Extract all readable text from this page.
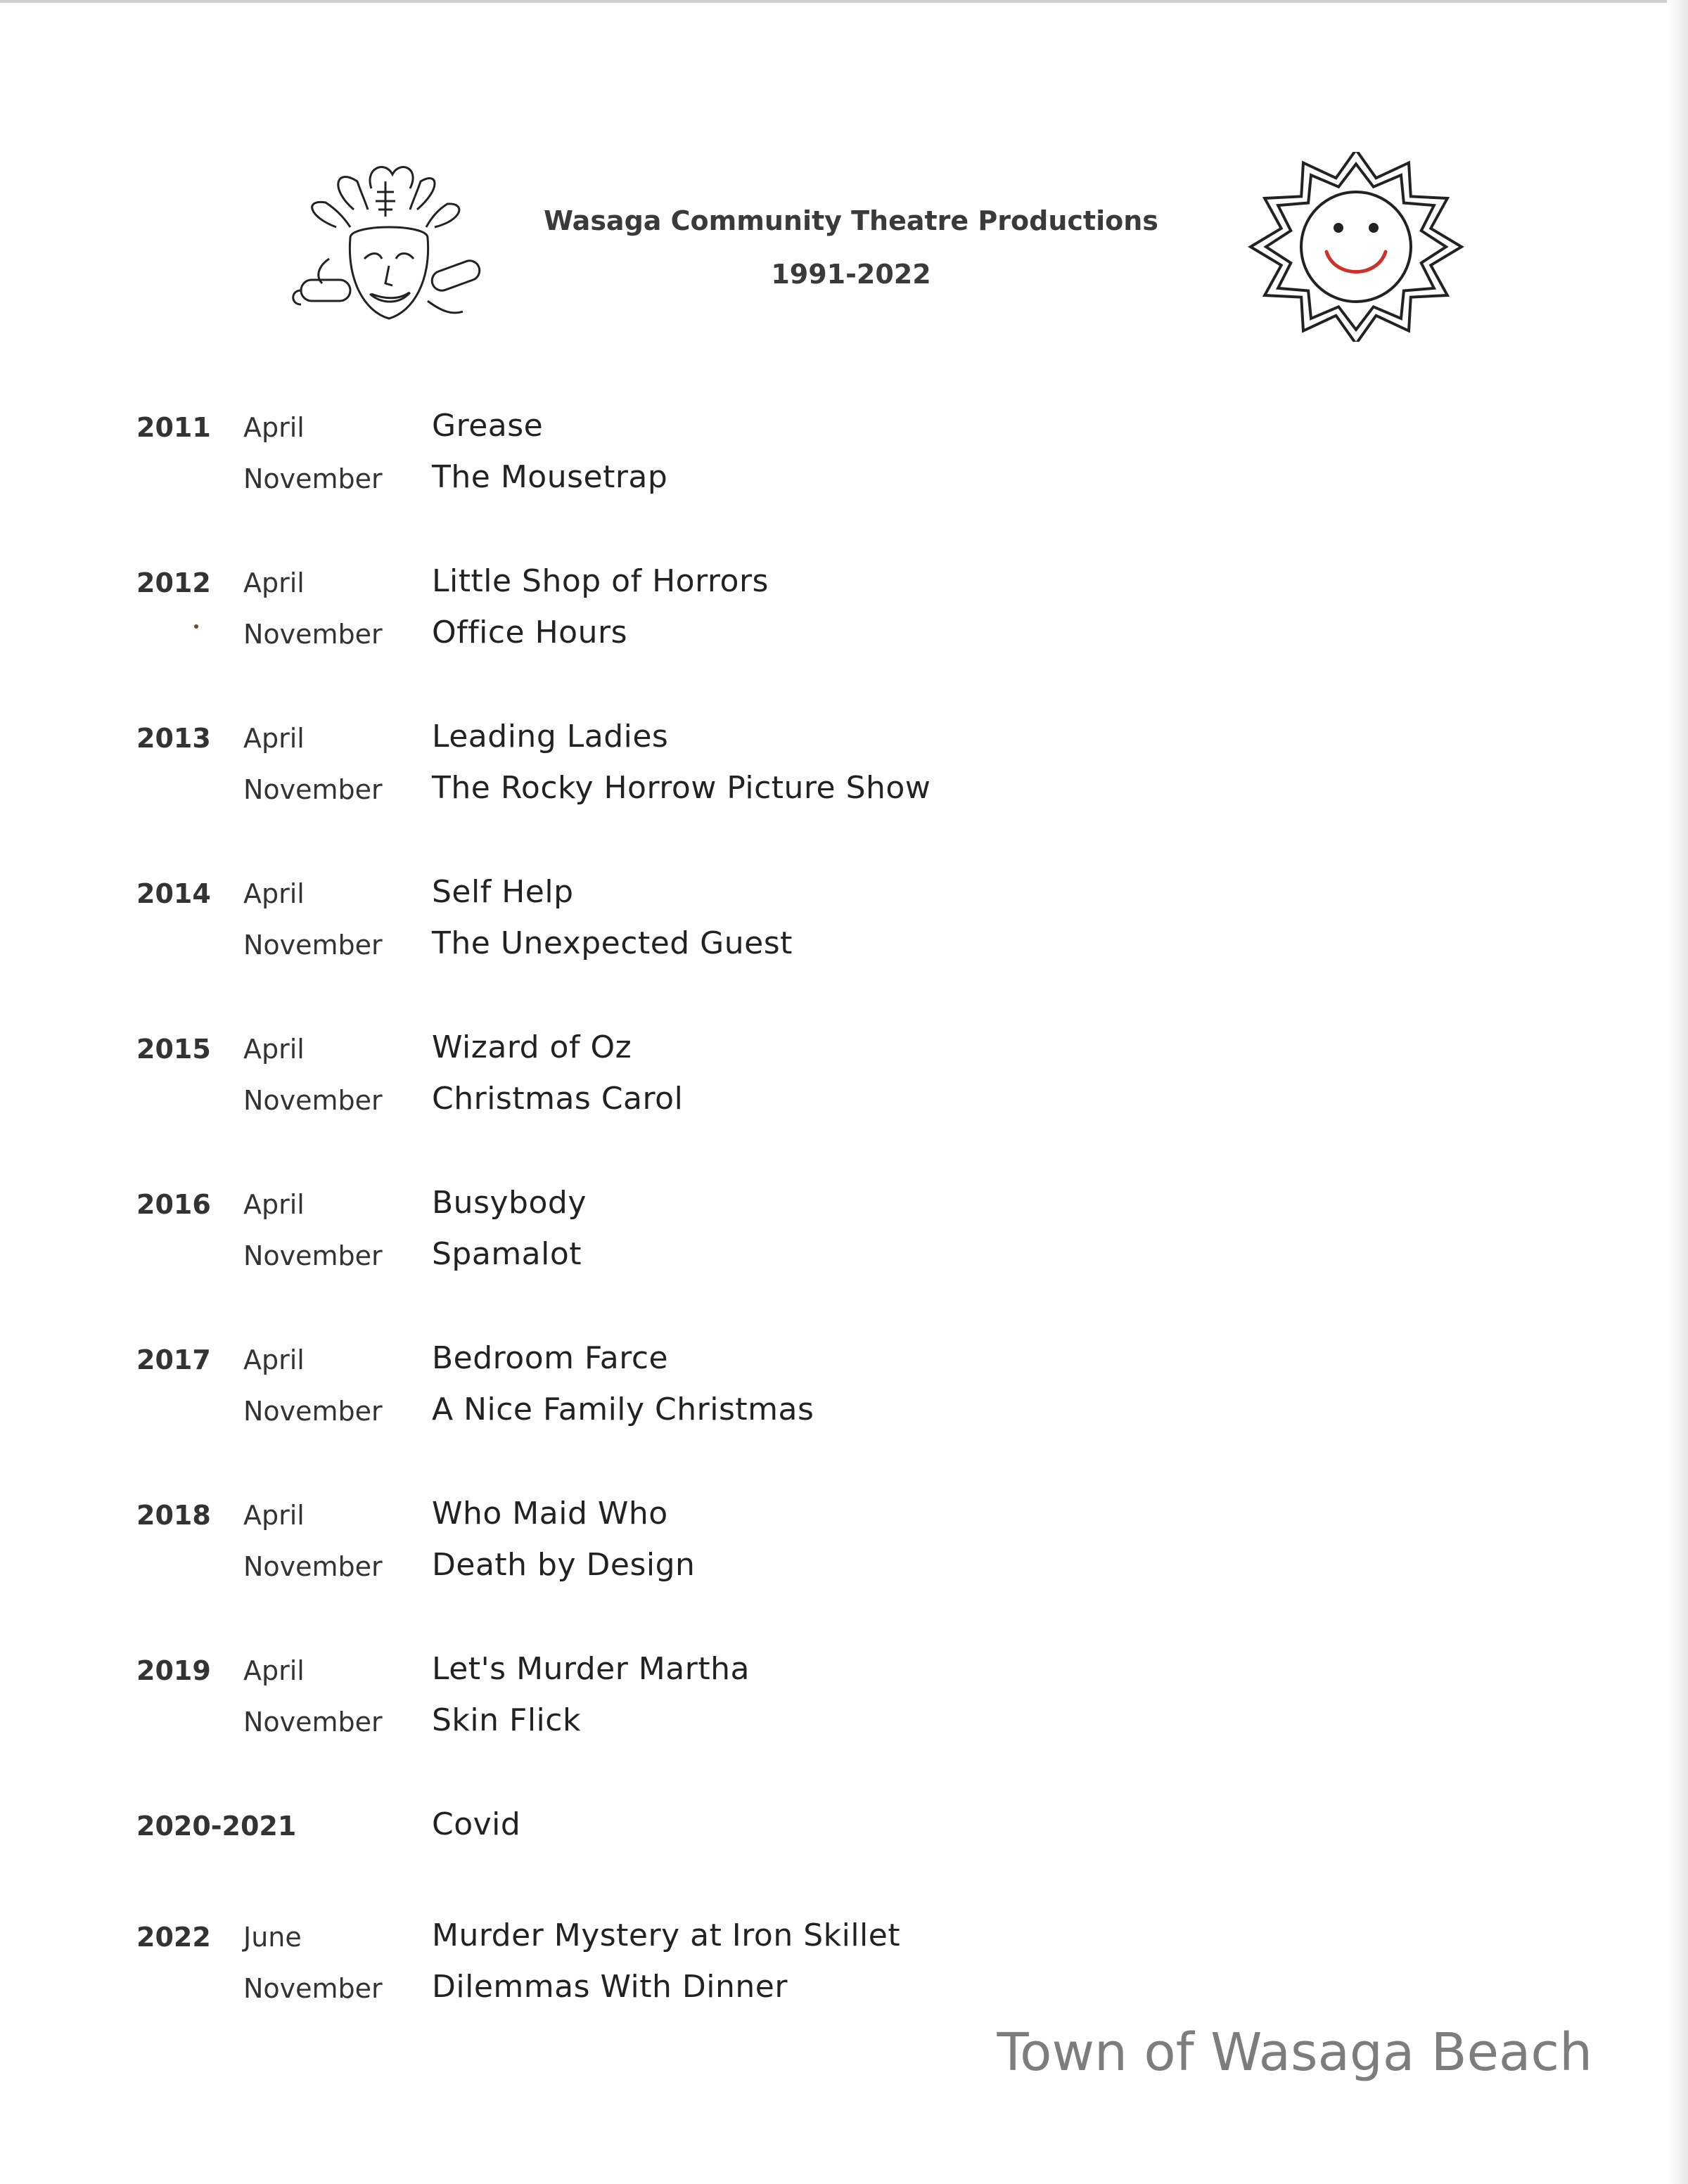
Wasaga Community Theatre Productions
1991-2022
2011 April	Grease
November The Mousetrap
2012 April	Little Shop of Horrors
November Office Hours
2013 April	Leading Ladies
November The Rocky Horrow Picture Show
2014 April	Self Help
November The Unexpected Guest
2015 April	Wizard of Oz
November Christmas Carol
2016 April	Busybody
November Spamalot
2017 April	Bedroom Farce
November A Nice Family Christmas
2018 April	Who Maid Who
November Death by Design
2019 April	Let's Murder Martha
November Skin Flick
2020-2021	Covid
2022 June	Murder Mystery at Iron Skillet
November Dilemmas With Dinner
Town of Wasaga Beach
